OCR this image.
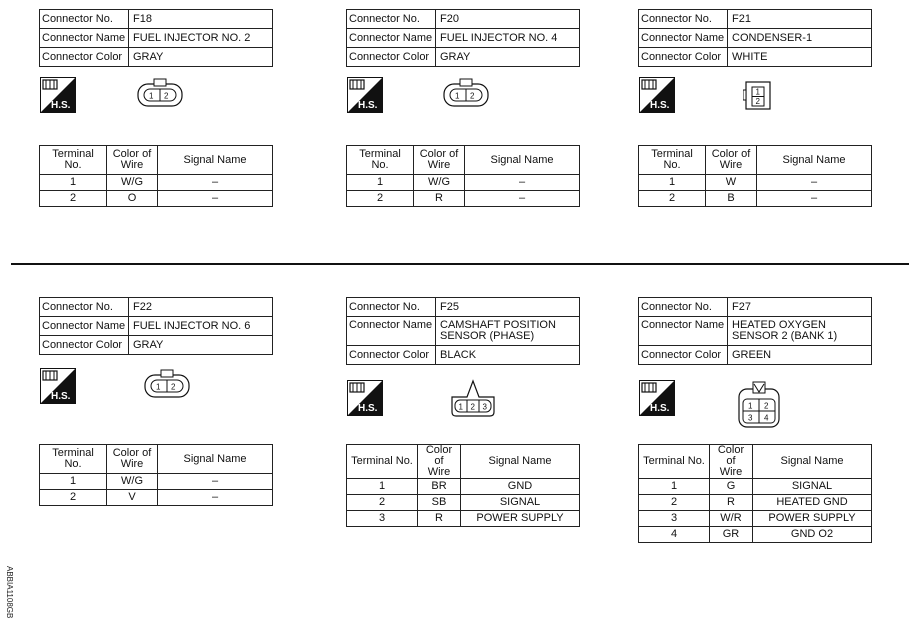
Connector No.	F18
Connector Name	FUEL INJECTOR NO. 2
Connector Color	GRAY
H.S.
1 2
Terminal No.	Color of Wire	Signal Name
1	W/G	–
2	O	–
Connector No.	F20
Connector Name	FUEL INJECTOR NO. 4
Connector Color	GRAY
H.S.
1 2
Terminal No.	Color of Wire	Signal Name
1	W/G	–
2	R	–
Connector No.	F21
Connector Name	CONDENSER-1
Connector Color	WHITE
H.S.
1
2
Terminal No.	Color of Wire	Signal Name
1	W	–
2	B	–
Connector No.	F22
Connector Name	FUEL INJECTOR NO. 6
Connector Color	GRAY
H.S.
1 2
Terminal No.	Color of Wire	Signal Name
1	W/G	–
2	V	–
Connector No.	F25
Connector Name	CAMSHAFT POSITION SENSOR (PHASE)
Connector Color	BLACK
H.S.	1 2 3
Terminal No.	Color of Wire	Signal Name
1	BR	GND
2	SB	SIGNAL
3	R	POWER SUPPLY
Connector No.	F27
Connector Name	HEATED OXYGEN SENSOR 2 (BANK 1)
Connector Color	GREEN
H.S.	1 2
3 4
Terminal No.	Color of Wire	Signal Name
1	G	SIGNAL
2	R	HEATED GND
3	W/R	POWER SUPPLY
4	GR	GND O2
ABBIA1108GB
